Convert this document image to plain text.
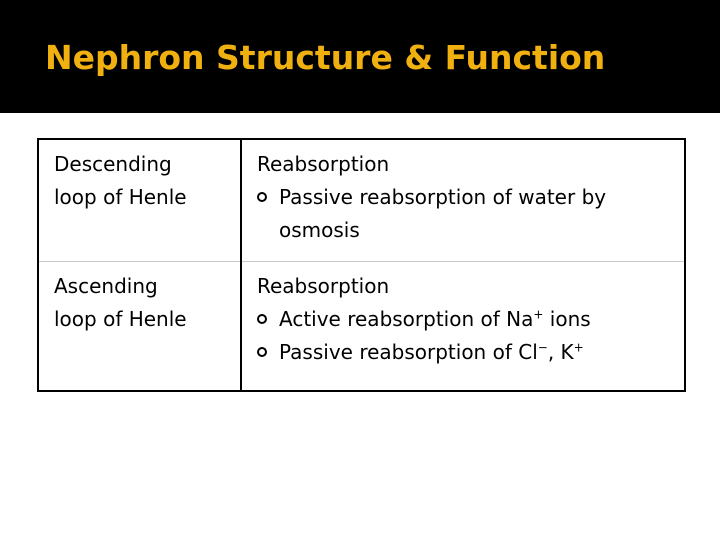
Nephron Structure & Function
Descending
loop of Henle	Reabsorption
Passive reabsorption of water by osmosis

Ascending
loop of Henle	Reabsorption
Active reabsorption of Na+ ions
Passive reabsorption of Cl−, K+
